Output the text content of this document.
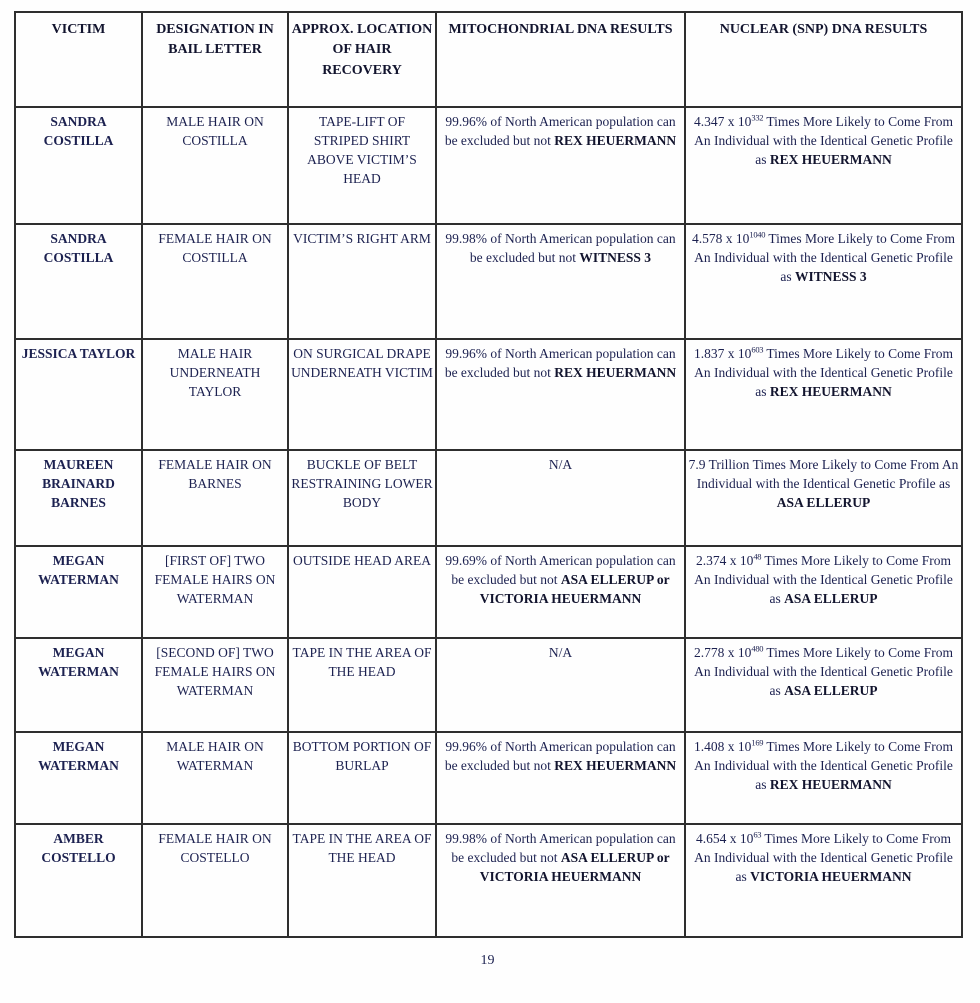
VICTIM	DESIGNATION IN BAIL LETTER	APPROX. LOCATION OF HAIR RECOVERY	MITOCHONDRIAL DNA RESULTS	NUCLEAR (SNP) DNA RESULTS
SANDRA COSTILLA	MALE HAIR ON COSTILLA	TAPE-LIFT OF STRIPED SHIRT ABOVE VICTIM’S HEAD	99.96% of North American population can be excluded but not REX HEUERMANN	4.347 x $10^{332}$ Times More Likely to Come From An Individual with the Identical Genetic Profile as REX HEUERMANN
SANDRA COSTILLA	FEMALE HAIR ON COSTILLA	VICTIM’S RIGHT ARM	99.98% of North American population can be excluded but not WITNESS 3	4.578 x $10^{1040}$ Times More Likely to Come From An Individual with the Identical Genetic Profile as WITNESS 3
JESSICA TAYLOR	MALE HAIR UNDERNEATH TAYLOR	ON SURGICAL DRAPE UNDERNEATH VICTIM	99.96% of North American population can be excluded but not REX HEUERMANN	1.837 x $10^{603}$ Times More Likely to Come From An Individual with the Identical Genetic Profile as REX HEUERMANN
MAUREEN BRAINARD BARNES	FEMALE HAIR ON BARNES	BUCKLE OF BELT RESTRAINING LOWER BODY	N/A	7.9 Trillion Times More Likely to Come From An Individual with the Identical Genetic Profile as ASA ELLERUP
MEGAN WATERMAN	[FIRST OF] TWO FEMALE HAIRS ON WATERMAN	OUTSIDE HEAD AREA	99.69% of North American population can be excluded but not ASA ELLERUP or VICTORIA HEUERMANN	2.374 x $10^{48}$ Times More Likely to Come From An Individual with the Identical Genetic Profile as ASA ELLERUP
MEGAN WATERMAN	[SECOND OF] TWO FEMALE HAIRS ON WATERMAN	TAPE IN THE AREA OF THE HEAD	N/A	2.778 x $10^{480}$ Times More Likely to Come From An Individual with the Identical Genetic Profile as ASA ELLERUP
MEGAN WATERMAN	MALE HAIR ON WATERMAN	BOTTOM PORTION OF BURLAP	99.96% of North American population can be excluded but not REX HEUERMANN	1.408 x $10^{169}$ Times More Likely to Come From An Individual with the Identical Genetic Profile as REX HEUERMANN
AMBER COSTELLO	FEMALE HAIR ON COSTELLO	TAPE IN THE AREA OF THE HEAD	99.98% of North American population can be excluded but not ASA ELLERUP or VICTORIA HEUERMANN	4.654 x $10^{63}$ Times More Likely to Come From An Individual with the Identical Genetic Profile as VICTORIA HEUERMANN
19
